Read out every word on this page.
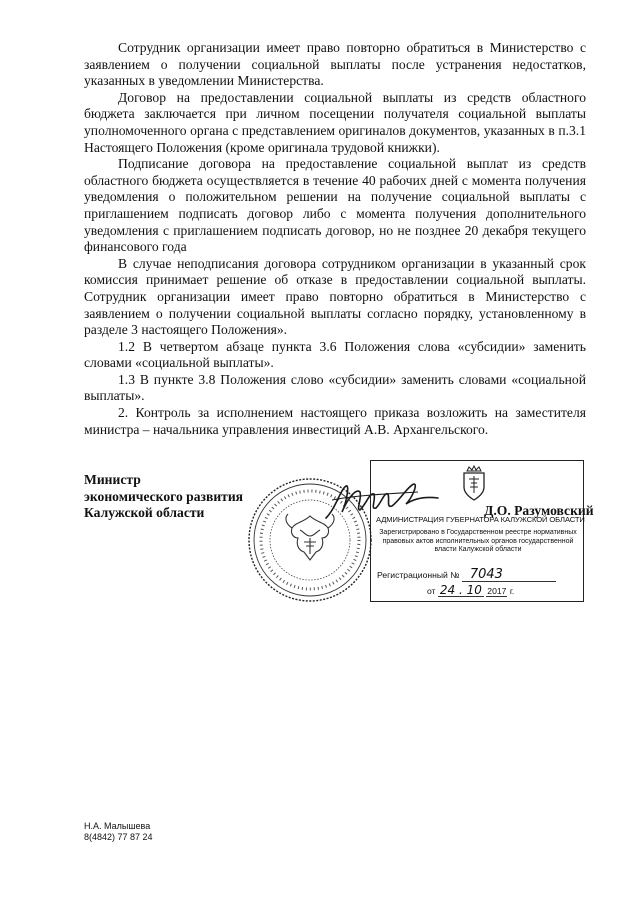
Сотрудник организации имеет право повторно обратиться в Министерство с заявлением о получении социальной выплаты после устранения недостатков, указанных в уведомлении Министерства.

Договор на предоставлении социальной выплаты из средств областного бюджета заключается при личном посещении получателя социальной выплаты уполномоченного органа с представлением оригиналов документов, указанных в п.3.1 Настоящего Положения (кроме оригинала трудовой книжки).

Подписание договора на предоставление социальной выплат из средств областного бюджета осуществляется в течение 40 рабочих дней с момента получения уведомления о положительном решении на получение социальной выплаты с приглашением подписать договор либо с момента получения дополнительного уведомления с приглашением подписать договор, но не позднее 20 декабря текущего финансового года

В случае неподписания договора сотрудником организации в указанный срок комиссия принимает решение об отказе в предоставлении социальной выплаты. Сотрудник организации имеет право повторно обратиться в Министерство с заявлением о получении социальной выплаты согласно порядку, установленному в разделе 3 настоящего Положения».

1.2 В четвертом абзаце пункта 3.6 Положения слова «субсидии» заменить словами «социальной выплаты».

1.3 В пункте 3.8 Положения слово «субсидии» заменить словами «социальной выплаты».

2. Контроль за исполнением настоящего приказа возложить на заместителя министра – начальника управления инвестиций А.В. Архангельского.

Министр
экономического развития
Калужской области	АДМИНИСТРАЦИЯ ГУБЕРНАТОРА КАЛУЖСКОЙ ОБЛАСТИ
Зарегистрировано в Государственном реестре нормативных правовых актов исполнительных органов государственной власти Калужской области
Регистрационный № 7043
от 24 . 10 2017 г.
Д.О. Разумовский
Н.А. Малышева
8(4842) 77 87 24
